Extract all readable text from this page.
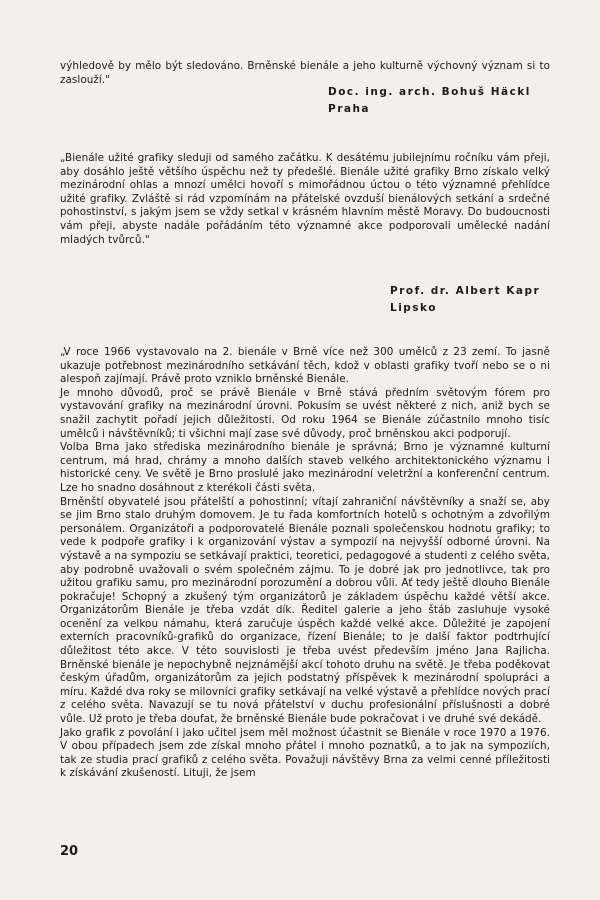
výhledově by mělo být sledováno. Brněnské bienále a jeho kulturně výchovný význam si to zaslouží."

Doc. ing. arch. Bohuš Häckl
Praha

„Bienále užité grafiky sleduji od samého začátku. K desátému jubilejnímu ročníku vám přeji, aby dosáhlo ještě většího úspěchu než ty předešlé. Bienále užité grafiky Brno získalo velký mezinárodní ohlas a mnozí umělci hovoří s mimořádnou úctou o této významné přehlídce užité grafiky. Zvláště si rád vzpomínám na přátelské ovzduší bienálových setkání a srdečné pohostinství, s jakým jsem se vždy setkal v krásném hlavním městě Moravy. Do budoucnosti vám přeji, abyste nadále pořádáním této významné akce podporovali umělecké nadání mladých tvůrců."

Prof. dr. Albert Kapr
Lipsko

„V roce 1966 vystavovalo na 2. bienále v Brně více než 300 umělců z 23 zemí. To jasně ukazuje potřebnost mezinárodního setkávání těch, kdož v oblasti grafiky tvoří nebo se o ni alespoň zajímají. Právě proto vzniklo brněnské Bienále.

Je mnoho důvodů, proč se právě Bienále v Brně stává předním světovým fórem pro vystavování grafiky na mezinárodní úrovni. Pokusím se uvést některé z nich, aniž bych se snažil zachytit pořadí jejich důležitosti. Od roku 1964 se Bienále zúčastnilo mnoho tisíc umělců i návštěvníků; ti všichni mají zase své důvody, proč brněnskou akci podporují.

Volba Brna jako střediska mezinárodního bienále je správná; Brno je významné kulturní centrum, má hrad, chrámy a mnoho dalších staveb velkého architektonického významu i historické ceny. Ve světě je Brno proslulé jako mezinárodní veletržní a konferenční centrum. Lze ho snadno dosáhnout z kterékoli části světa.

Brněnští obyvatelé jsou přátelští a pohostinní; vítají zahraniční návštěvníky a snaží se, aby se jim Brno stalo druhým domovem. Je tu řada komfortních hotelů s ochotným a zdvořilým personálem. Organizátoři a podporovatelé Bienále poznali společenskou hodnotu grafiky; to vede k podpoře grafiky i k organizování výstav a sympozií na nejvyšší odborné úrovni. Na výstavě a na sympoziu se setkávají praktici, teoretici, pedagogové a studenti z celého světa, aby podrobně uvažovali o svém společném zájmu. To je dobré jak pro jednotlivce, tak pro užitou grafiku samu, pro mezinárodní porozumění a dobrou vůli. Ať tedy ještě dlouho Bienále pokračuje! Schopný a zkušený tým organizátorů je základem úspěchu každé větší akce. Organizátorům Bienále je třeba vzdát dík. Ředitel galerie a jeho štáb zasluhuje vysoké ocenění za velkou námahu, která zaručuje úspěch každé velké akce. Důležité je zapojení externích pracovníků-grafiků do organizace, řízení Bienále; to je další faktor podtrhující důležitost této akce. V této souvislosti je třeba uvést především jméno Jana Rajlicha. Brněnské bienále je nepochybně nejznámější akcí tohoto druhu na světě. Je třeba poděkovat českým úřadům, organizátorům za jejich podstatný příspěvek k mezinárodní spolupráci a míru. Každé dva roky se milovníci grafiky setkávají na velké výstavě a přehlídce nových prací z celého světa. Navazují se tu nová přátelství v duchu profesionální příslušnosti a dobré vůle. Už proto je třeba doufat, že brněnské Bienále bude pokračovat i ve druhé své dekádě.

Jako grafik z povolání i jako učitel jsem měl možnost účastnit se Bienále v roce 1970 a 1976. V obou případech jsem zde získal mnoho přátel i mnoho poznatků, a to jak na sympoziích, tak ze studia prací grafiků z celého světa. Považuji návštěvy Brna za velmi cenné příležitosti k získávání zkušeností. Lituji, že jsem

20
